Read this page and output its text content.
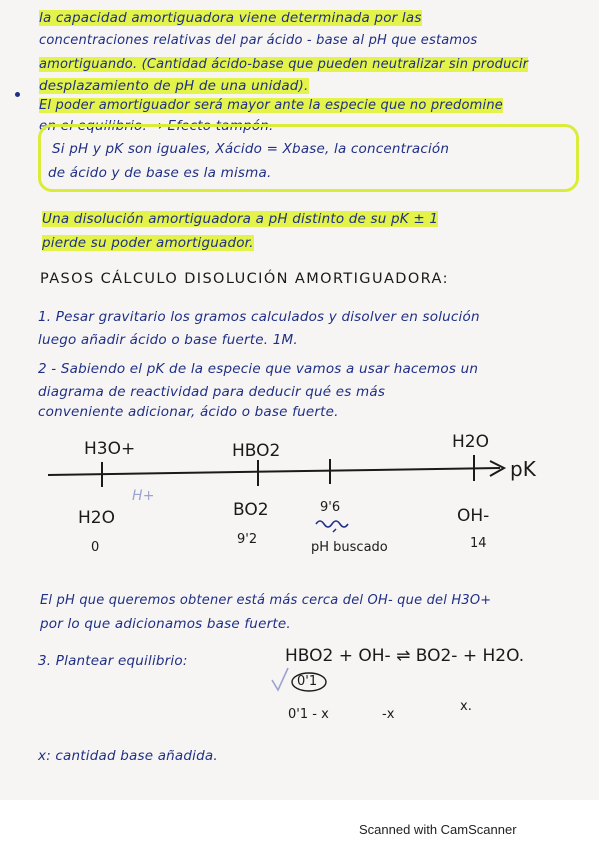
la capacidad amortiguadora viene determinada por las
concentraciones relativas del par ácido - base al pH que estamos
amortiguando. (Cantidad ácido-base que pueden neutralizar sin producir
desplazamiento de pH de una unidad).
El poder amortiguador será mayor ante la especie que no predomine
en el equilibrio. → Efecto tampón.
Si pH y pK son iguales, Xácido = Xbase, la concentración
de ácido y de base es la misma.
Una disolución amortiguadora a pH distinto de su pK ± 1
pierde su poder amortiguador.
PASOS CÁLCULO DISOLUCIÓN AMORTIGUADORA:
1. Pesar gravitario los gramos calculados y disolver en solución
luego añadir ácido o base fuerte. 1M.
2 - Sabiendo el pK de la especie que vamos a usar hacemos un
diagrama de reactividad para deducir qué es más
conveniente adicionar, ácido o base fuerte.
H3O+	HBO2	H2O
pK
H+
H2O	BO2	9'6	OH-
0
9'2
pH buscado	14
El pH que queremos obtener está más cerca del OH- que del H3O+
por lo que adicionamos base fuerte.
3. Plantear equilibrio:	HBO2 + OH- ⇌ BO2- + H2O.
0'1
0'1 - x	-x
x.
x: cantidad base añadida.
Scanned with CamScanner
